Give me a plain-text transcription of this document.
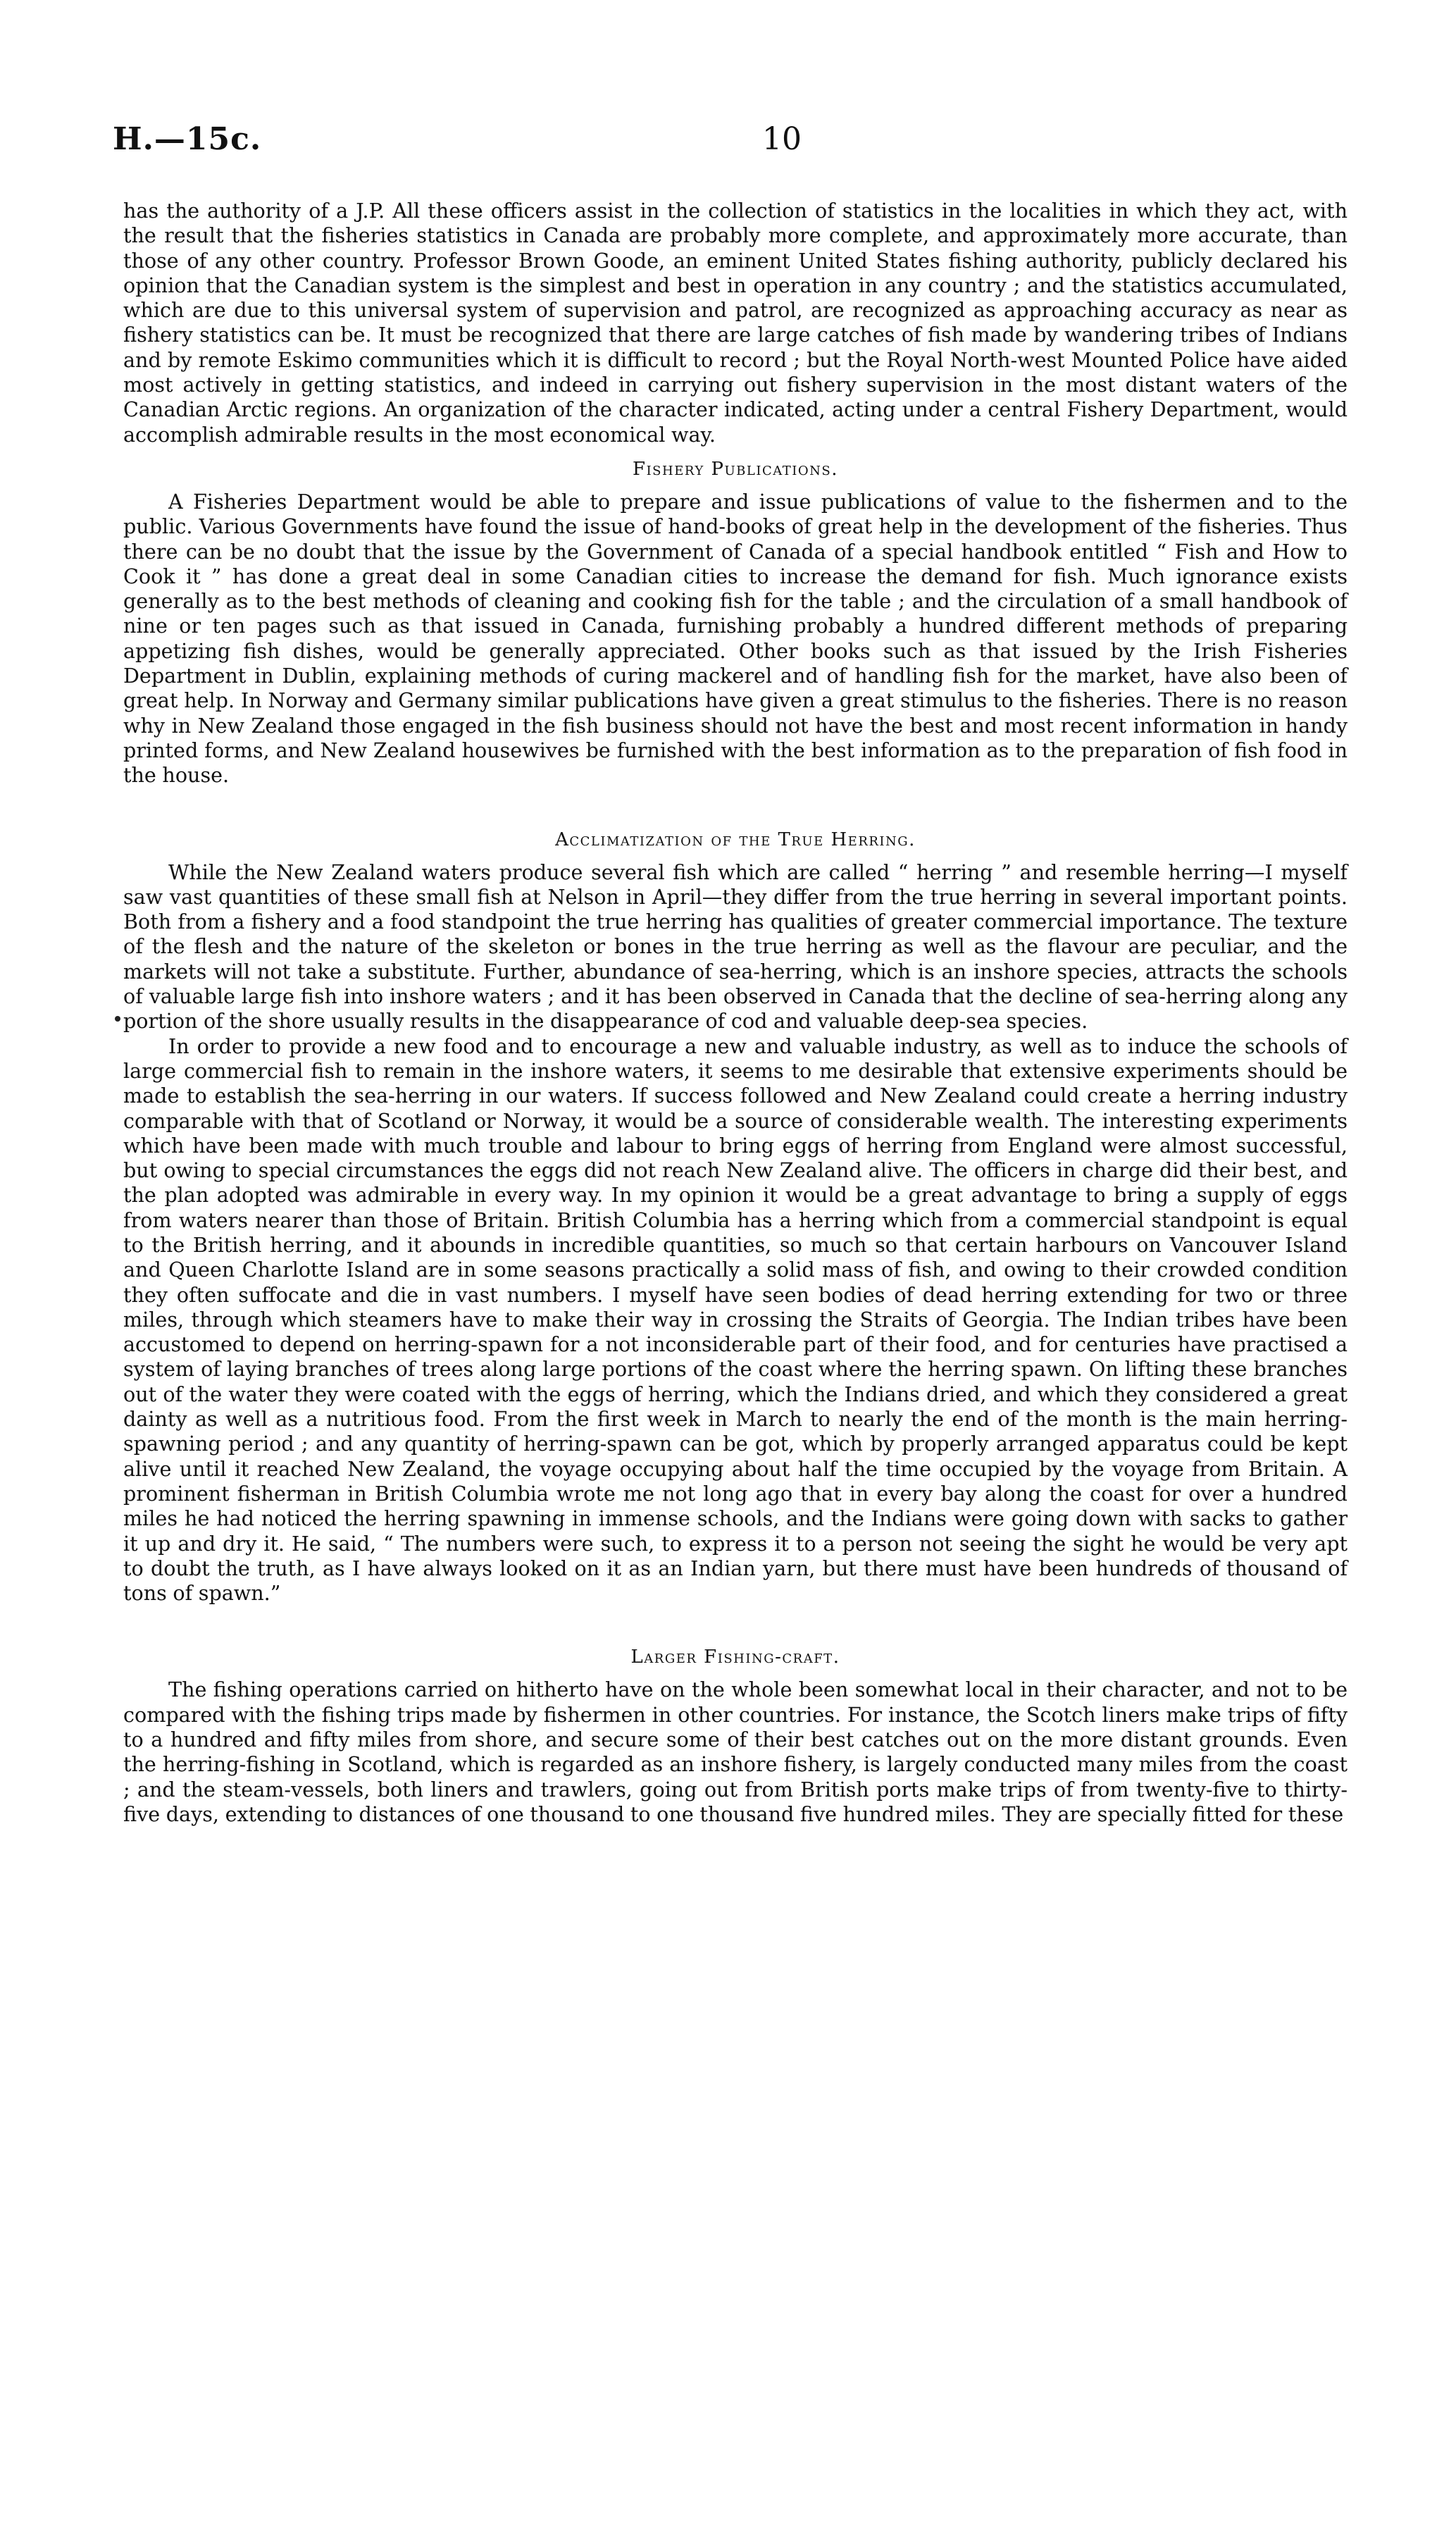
H.—15c.	10

has the authority of a J.P. All these officers assist in the collection of statistics in the localities in which they act, with the result that the fisheries statistics in Canada are probably more complete, and approximately more accurate, than those of any other country. Professor Brown Goode, an eminent United States fishing authority, publicly declared his opinion that the Canadian system is the simplest and best in operation in any country ; and the statistics accumulated, which are due to this universal system of supervision and patrol, are recognized as approaching accuracy as near as fishery statistics can be. It must be recognized that there are large catches of fish made by wandering tribes of Indians and by remote Eskimo communities which it is difficult to record ; but the Royal North-west Mounted Police have aided most actively in getting statistics, and indeed in carrying out fishery supervision in the most distant waters of the Canadian Arctic regions. An organization of the character indicated, acting under a central Fishery Department, would accomplish admirable results in the most economical way.

Fishery Publications.

A Fisheries Department would be able to prepare and issue publications of value to the fishermen and to the public. Various Governments have found the issue of hand-books of great help in the development of the fisheries. Thus there can be no doubt that the issue by the Government of Canada of a special handbook entitled “ Fish and How to Cook it ” has done a great deal in some Canadian cities to increase the demand for fish. Much ignorance exists generally as to the best methods of cleaning and cooking fish for the table ; and the circulation of a small handbook of nine or ten pages such as that issued in Canada, furnishing probably a hundred different methods of preparing appetizing fish dishes, would be generally appreciated. Other books such as that issued by the Irish Fisheries Department in Dublin, explaining methods of curing mackerel and of handling fish for the market, have also been of great help. In Norway and Germany similar publications have given a great stimulus to the fisheries. There is no reason why in New Zealand those engaged in the fish business should not have the best and most recent information in handy printed forms, and New Zealand housewives be furnished with the best information as to the preparation of fish food in the house.

Acclimatization of the True Herring.

While the New Zealand waters produce several fish which are called “ herring ” and resemble herring—I myself saw vast quantities of these small fish at Nelson in April—they differ from the true herring in several important points. Both from a fishery and a food standpoint the true herring has qualities of greater commercial importance. The texture of the flesh and the nature of the skeleton or bones in the true herring as well as the flavour are peculiar, and the markets will not take a substitute. Further, abundance of sea-herring, which is an inshore species, attracts the schools of valuable large fish into inshore waters ; and it has been observed in Canada that the decline of sea-herring along any portion of the shore usually results in the disappearance of cod and valuable deep-sea species.

In order to provide a new food and to encourage a new and valuable industry, as well as to induce the schools of large commercial fish to remain in the inshore waters, it seems to me desirable that extensive experiments should be made to establish the sea-herring in our waters. If success followed and New Zealand could create a herring industry comparable with that of Scotland or Norway, it would be a source of considerable wealth. The interesting experiments which have been made with much trouble and labour to bring eggs of herring from England were almost successful, but owing to special circumstances the eggs did not reach New Zealand alive. The officers in charge did their best, and the plan adopted was admirable in every way. In my opinion it would be a great advantage to bring a supply of eggs from waters nearer than those of Britain. British Columbia has a herring which from a commercial standpoint is equal to the British herring, and it abounds in incredible quantities, so much so that certain harbours on Vancouver Island and Queen Charlotte Island are in some seasons practically a solid mass of fish, and owing to their crowded condition they often suffocate and die in vast numbers. I myself have seen bodies of dead herring extending for two or three miles, through which steamers have to make their way in crossing the Straits of Georgia. The Indian tribes have been accustomed to depend on herring-spawn for a not inconsiderable part of their food, and for centuries have practised a system of laying branches of trees along large portions of the coast where the herring spawn. On lifting these branches out of the water they were coated with the eggs of herring, which the Indians dried, and which they considered a great dainty as well as a nutritious food. From the first week in March to nearly the end of the month is the main herring-spawning period ; and any quantity of herring-spawn can be got, which by properly arranged apparatus could be kept alive until it reached New Zealand, the voyage occupying about half the time occupied by the voyage from Britain. A prominent fisherman in British Columbia wrote me not long ago that in every bay along the coast for over a hundred miles he had noticed the herring spawning in immense schools, and the Indians were going down with sacks to gather it up and dry it. He said, “ The numbers were such, to express it to a person not seeing the sight he would be very apt to doubt the truth, as I have always looked on it as an Indian yarn, but there must have been hundreds of thousand of tons of spawn.”

Larger Fishing-craft.

The fishing operations carried on hitherto have on the whole been somewhat local in their character, and not to be compared with the fishing trips made by fishermen in other countries. For instance, the Scotch liners make trips of fifty to a hundred and fifty miles from shore, and secure some of their best catches out on the more distant grounds. Even the herring-fishing in Scotland, which is regarded as an inshore fishery, is largely conducted many miles from the coast ; and the steam-vessels, both liners and trawlers, going out from British ports make trips of from twenty-five to thirty-five days, extending to distances of one thousand to one thousand five hundred miles. They are specially fitted for these
